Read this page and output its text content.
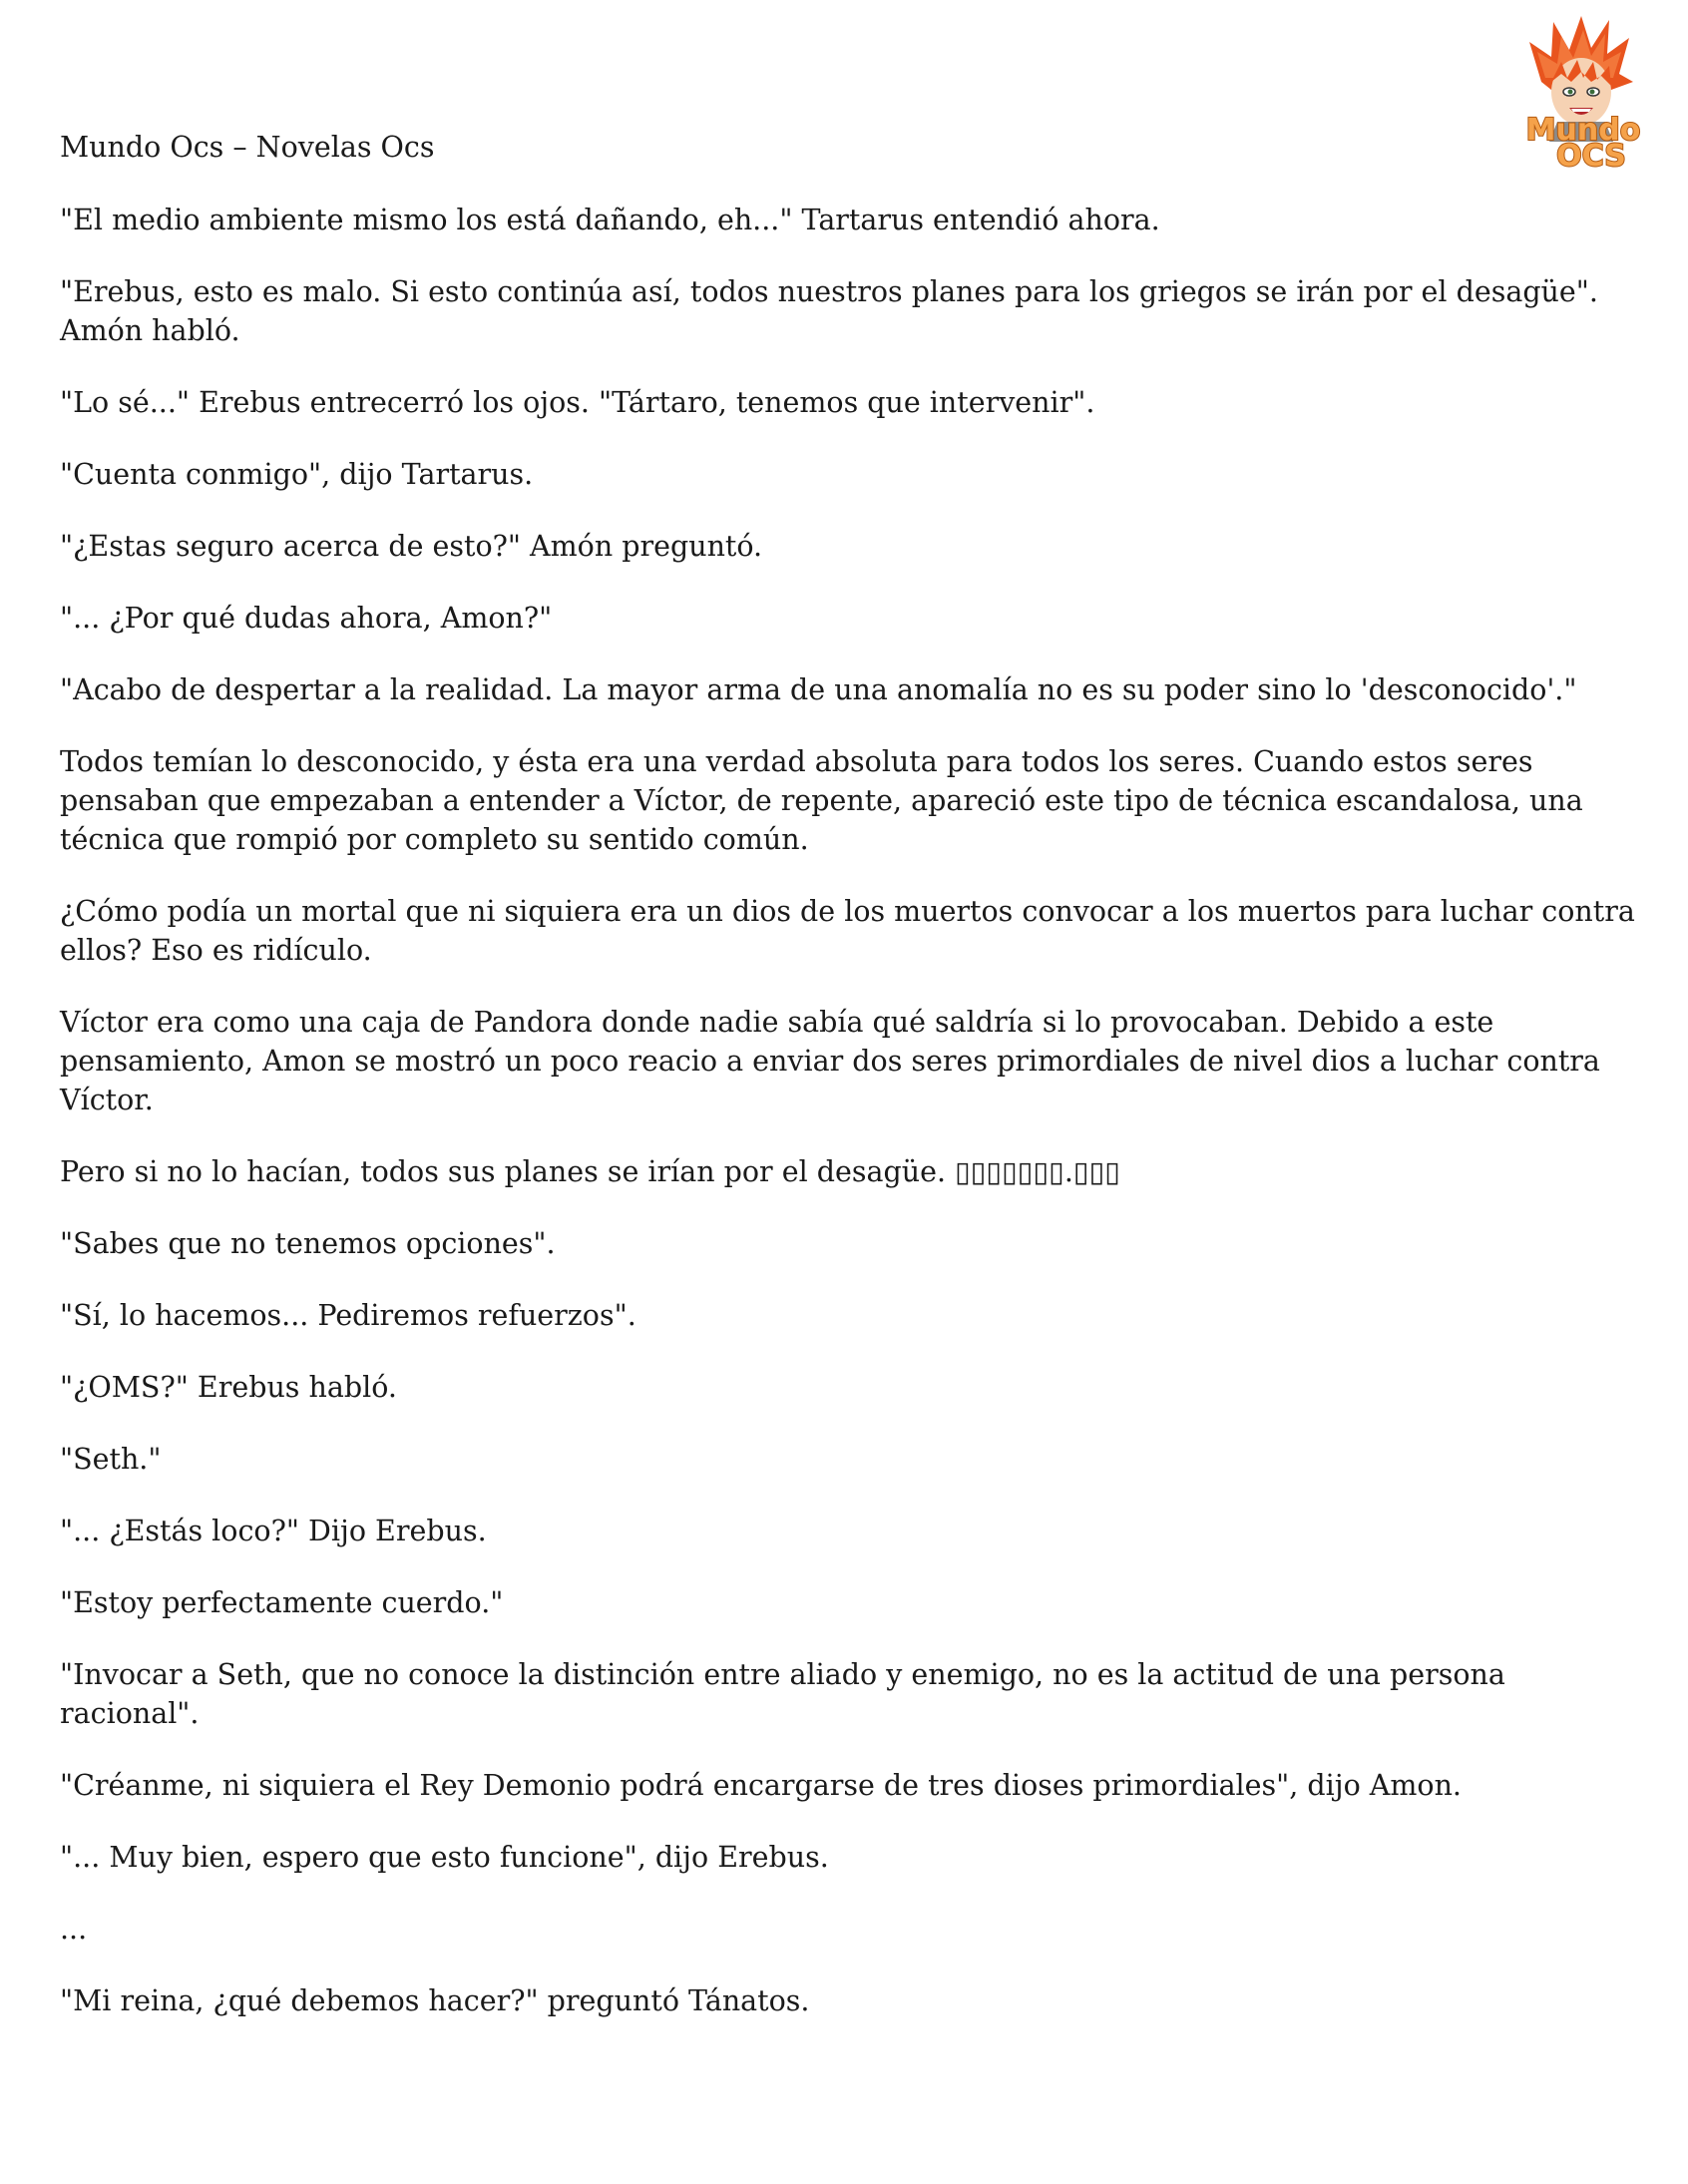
Mundo
OCS
Mundo Ocs – Novelas Ocs

"El medio ambiente mismo los está dañando, eh..." Tartarus entendió ahora.

"Erebus, esto es malo. Si esto continúa así, todos nuestros planes para los griegos se irán por el desagüe". Amón habló.

"Lo sé..." Erebus entrecerró los ojos. "Tártaro, tenemos que intervenir".

"Cuenta conmigo", dijo Tartarus.

"¿Estas seguro acerca de esto?" Amón preguntó.

"... ¿Por qué dudas ahora, Amon?"

"Acabo de despertar a la realidad. La mayor arma de una anomalía no es su poder sino lo 'desconocido'."

Todos temían lo desconocido, y ésta era una verdad absoluta para todos los seres. Cuando estos seres pensaban que empezaban a entender a Víctor, de repente, apareció este tipo de técnica escandalosa, una técnica que rompió por completo su sentido común.

¿Cómo podía un mortal que ni siquiera era un dios de los muertos convocar a los muertos para luchar contra ellos? Eso es ridículo.

Víctor era como una caja de Pandora donde nadie sabía qué saldría si lo provocaban. Debido a este pensamiento, Amon se mostró un poco reacio a enviar dos seres primordiales de nivel dios a luchar contra Víctor.

Pero si no lo hacían, todos sus planes se irían por el desagüe. ▯▯▯▯▯▯▯.▯▯▯

"Sabes que no tenemos opciones".

"Sí, lo hacemos... Pediremos refuerzos".

"¿OMS?" Erebus habló.

"Seth."

"... ¿Estás loco?" Dijo Erebus.

"Estoy perfectamente cuerdo."

"Invocar a Seth, que no conoce la distinción entre aliado y enemigo, no es la actitud de una persona racional".

"Créanme, ni siquiera el Rey Demonio podrá encargarse de tres dioses primordiales", dijo Amon.

"... Muy bien, espero que esto funcione", dijo Erebus.

...

"Mi reina, ¿qué debemos hacer?" preguntó Tánatos.
